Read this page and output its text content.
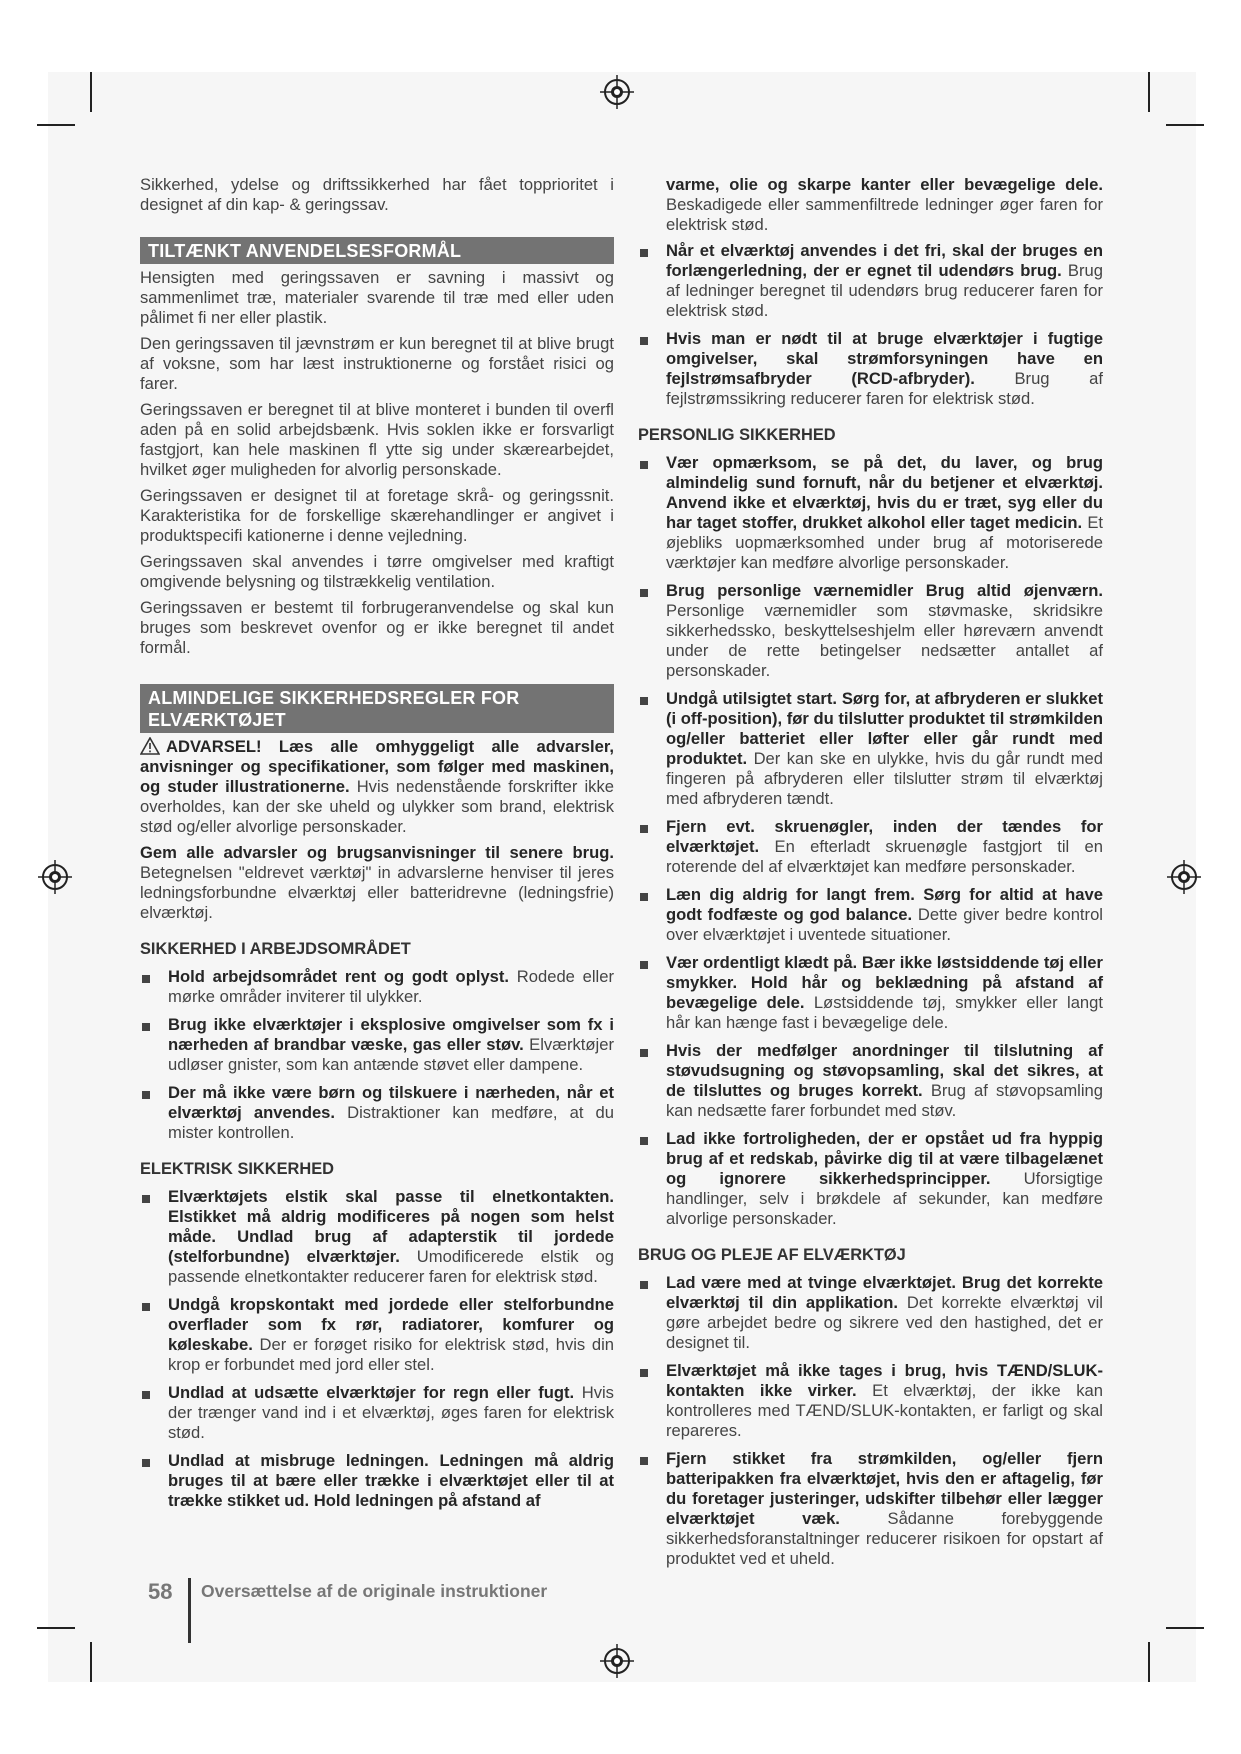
Sikkerhed, ydelse og driftssikkerhed har fået topprioritet i designet af din kap- & geringssav.

TILTÆNKT ANVENDELSESFORMÅL

Hensigten med geringssaven er savning i massivt og sammenlimet træ, materialer svarende til træ med eller uden pålimet fi ner eller plastik.

Den geringssaven til jævnstrøm er kun beregnet til at blive brugt af voksne, som har læst instruktionerne og forstået risici og farer.

Geringssaven er beregnet til at blive monteret i bunden til overfl aden på en solid arbejdsbænk. Hvis soklen ikke er forsvarligt fastgjort, kan hele maskinen fl ytte sig under skærearbejdet, hvilket øger muligheden for alvorlig personskade.

Geringssaven er designet til at foretage skrå- og geringssnit. Karakteristika for de forskellige skærehandlinger er angivet i produktspecifi kationerne i denne vejledning.

Geringssaven skal anvendes i tørre omgivelser med kraftigt omgivende belysning og tilstrækkelig ventilation.

Geringssaven er bestemt til forbrugeranvendelse og skal kun bruges som beskrevet ovenfor og er ikke beregnet til andet formål.

ALMINDELIGE SIKKERHEDSREGLER FOR ELVÆRKTØJET

ADVARSEL! Læs alle omhyggeligt alle advarsler, anvisninger og specifikationer, som følger med maskinen, og studer illustrationerne. Hvis nedenstående forskrifter ikke overholdes, kan der ske uheld og ulykker som brand, elektrisk stød og/eller alvorlige personskader.

Gem alle advarsler og brugsanvisninger til senere brug. Betegnelsen "eldrevet værktøj" in advarslerne henviser til jeres ledningsforbundne elværktøj eller batteridrevne (ledningsfrie) elværktøj.

SIKKERHED I ARBEJDSOMRÅDET
Hold arbejdsområdet rent og godt oplyst. Rodede eller mørke områder inviterer til ulykker.
Brug ikke elværktøjer i eksplosive omgivelser som fx i nærheden af brandbar væske, gas eller støv. Elværktøjer udløser gnister, som kan antænde støvet eller dampene.
Der må ikke være børn og tilskuere i nærheden, når et elværktøj anvendes. Distraktioner kan medføre, at du mister kontrollen.
ELEKTRISK SIKKERHED
Elværktøjets elstik skal passe til elnetkontakten. Elstikket må aldrig modificeres på nogen som helst måde. Undlad brug af adapterstik til jordede (stelforbundne) elværktøjer. Umodificerede elstik og passende elnetkontakter reducerer faren for elektrisk stød.
Undgå kropskontakt med jordede eller stelforbundne overflader som fx rør, radiatorer, komfurer og køleskabe. Der er forøget risiko for elektrisk stød, hvis din krop er forbundet med jord eller stel.
Undlad at udsætte elværktøjer for regn eller fugt. Hvis der trænger vand ind i et elværktøj, øges faren for elektrisk stød.
Undlad at misbruge ledningen. Ledningen må aldrig bruges til at bære eller trække i elværktøjet eller til at trække stikket ud. Hold ledningen på afstand af

varme, olie og skarpe kanter eller bevægelige dele. Beskadigede eller sammenfiltrede ledninger øger faren for elektrisk stød.

Når et elværktøj anvendes i det fri, skal der bruges en forlængerledning, der er egnet til udendørs brug. Brug af ledninger beregnet til udendørs brug reducerer faren for elektrisk stød.
Hvis man er nødt til at bruge elværktøjer i fugtige omgivelser, skal strømforsyningen have en fejlstrømsafbryder (RCD-afbryder). Brug af fejlstrømssikring reducerer faren for elektrisk stød.
PERSONLIG SIKKERHED
Vær opmærksom, se på det, du laver, og brug almindelig sund fornuft, når du betjener et elværktøj. Anvend ikke et elværktøj, hvis du er træt, syg eller du har taget stoffer, drukket alkohol eller taget medicin. Et øjebliks uopmærksomhed under brug af motoriserede værktøjer kan medføre alvorlige personskader.
Brug personlige værnemidler Brug altid øjenværn. Personlige værnemidler som støvmaske, skridsikre sikkerhedssko, beskyttelseshjelm eller høreværn anvendt under de rette betingelser nedsætter antallet af personskader.
Undgå utilsigtet start. Sørg for, at afbryderen er slukket (i off-position), før du tilslutter produktet til strømkilden og/eller batteriet eller løfter eller går rundt med produktet. Der kan ske en ulykke, hvis du går rundt med fingeren på afbryderen eller tilslutter strøm til elværktøj med afbryderen tændt.
Fjern evt. skruenøgler, inden der tændes for elværktøjet. En efterladt skruenøgle fastgjort til en roterende del af elværktøjet kan medføre personskader.
Læn dig aldrig for langt frem. Sørg for altid at have godt fodfæste og god balance. Dette giver bedre kontrol over elværktøjet i uventede situationer.
Vær ordentligt klædt på. Bær ikke løstsiddende tøj eller smykker. Hold hår og beklædning på afstand af bevægelige dele. Løstsiddende tøj, smykker eller langt hår kan hænge fast i bevægelige dele.
Hvis der medfølger anordninger til tilslutning af støvudsugning og støvopsamling, skal det sikres, at de tilsluttes og bruges korrekt. Brug af støvopsamling kan nedsætte farer forbundet med støv.
Lad ikke fortroligheden, der er opstået ud fra hyppig brug af et redskab, påvirke dig til at være tilbagelænet og ignorere sikkerhedsprincipper. Uforsigtige handlinger, selv i brøkdele af sekunder, kan medføre alvorlige personskader.
BRUG OG PLEJE AF ELVÆRKTØJ
Lad være med at tvinge elværktøjet. Brug det korrekte elværktøj til din applikation. Det korrekte elværktøj vil gøre arbejdet bedre og sikrere ved den hastighed, det er designet til.
Elværktøjet må ikke tages i brug, hvis TÆND/SLUK-kontakten ikke virker. Et elværktøj, der ikke kan kontrolleres med TÆND/SLUK-kontakten, er farligt og skal repareres.
Fjern stikket fra strømkilden, og/eller fjern batteripakken fra elværktøjet, hvis den er aftagelig, før du foretager justeringer, udskifter tilbehør eller lægger elværktøjet væk.	Sådanne forebyggende sikkerhedsforanstaltninger reducerer risikoen for opstart af produktet ved et uheld.
58	Oversættelse af de originale instruktioner
